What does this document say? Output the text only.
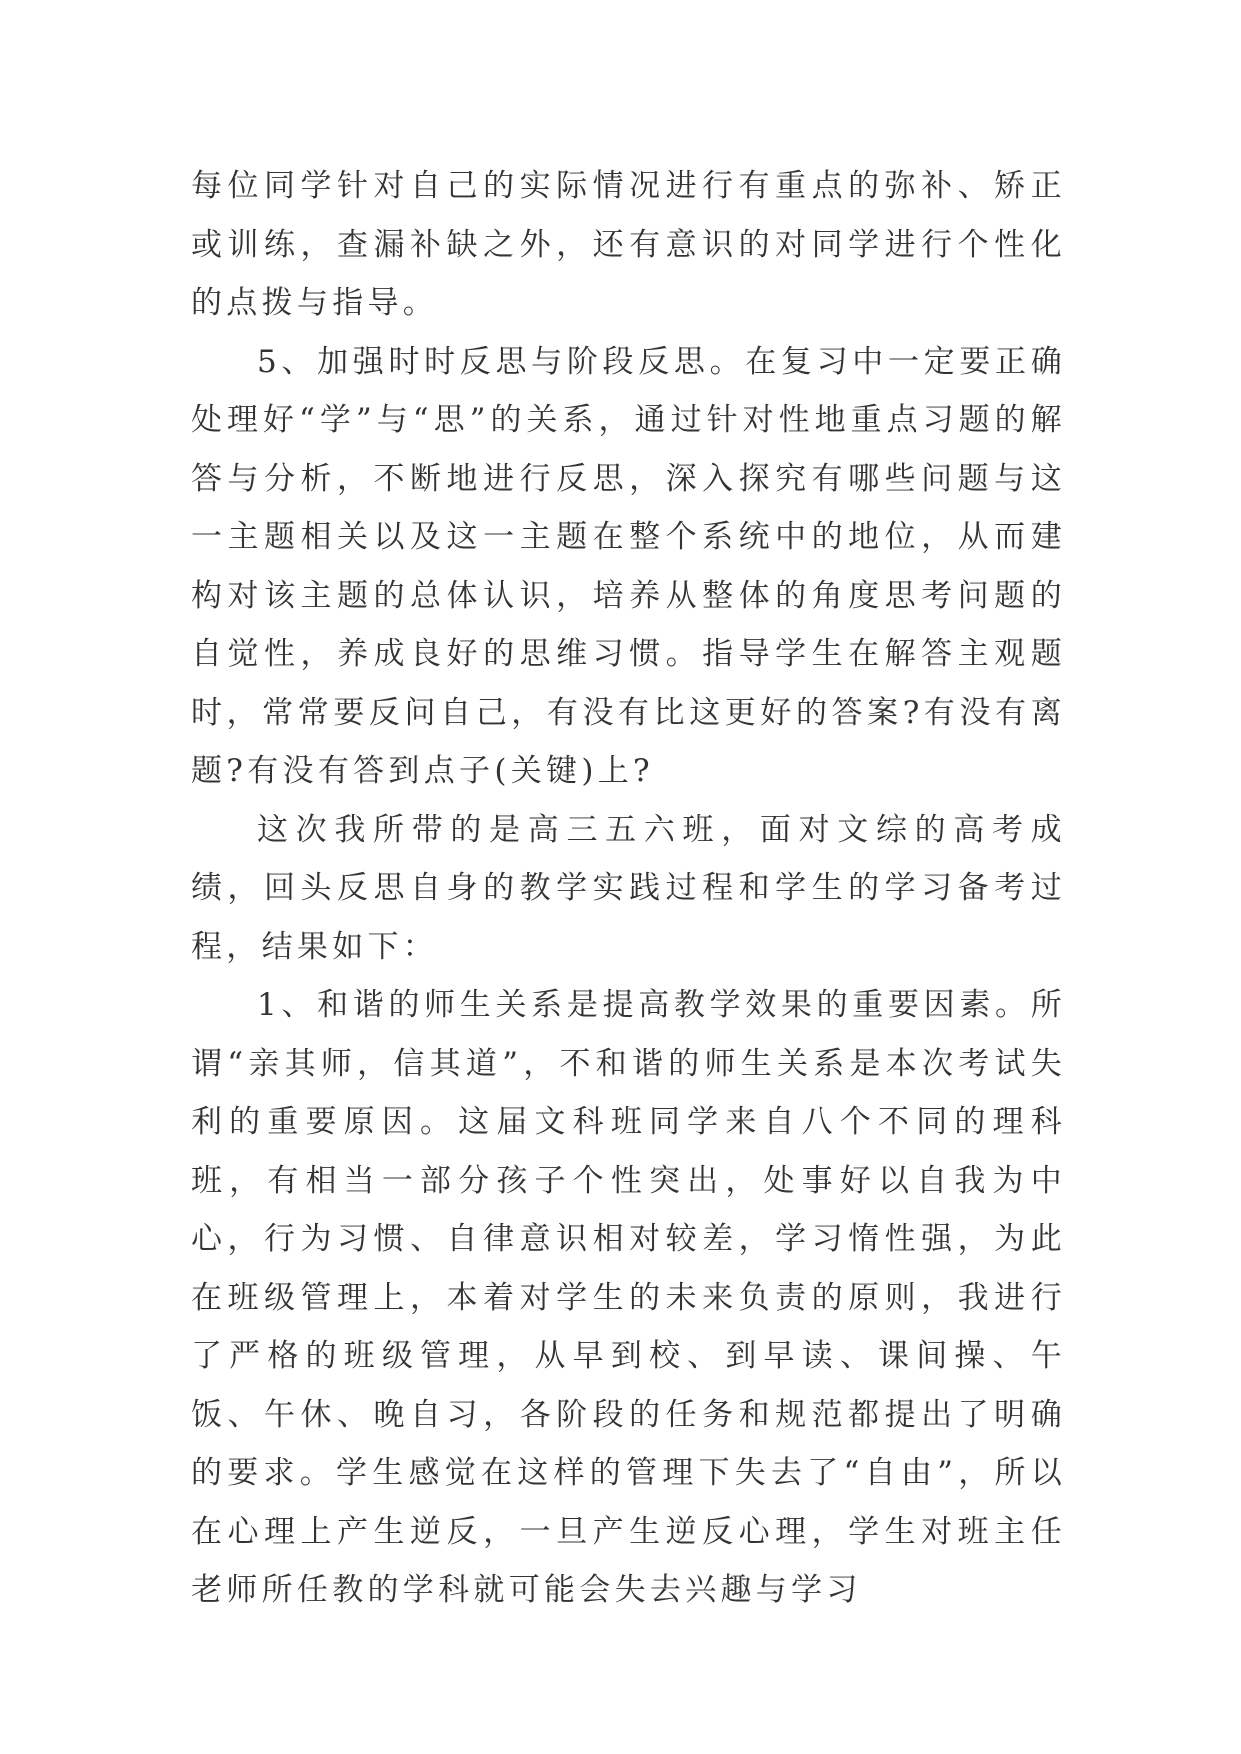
每位同学针对自己的实际情况进行有重点的弥补、矫正或训练，查漏补缺之外，还有意识的对同学进行个性化的点拨与指导。

5、加强时时反思与阶段反思。在复习中一定要正确处理好“学”与“思”的关系，通过针对性地重点习题的解答与分析，不断地进行反思，深入探究有哪些问题与这一主题相关以及这一主题在整个系统中的地位，从而建构对该主题的总体认识，培养从整体的角度思考问题的自觉性，养成良好的思维习惯。指导学生在解答主观题时，常常要反问自己，有没有比这更好的答案?有没有离题?有没有答到点子(关键)上?

这次我所带的是高三五六班，面对文综的高考成绩，回头反思自身的教学实践过程和学生的学习备考过程，结果如下：

1、和谐的师生关系是提高教学效果的重要因素。所谓“亲其师，信其道”，不和谐的师生关系是本次考试失利的重要原因。这届文科班同学来自八个不同的理科班，有相当一部分孩子个性突出，处事好以自我为中心，行为习惯、自律意识相对较差，学习惰性强，为此在班级管理上，本着对学生的未来负责的原则，我进行了严格的班级管理，从早到校、到早读、课间操、午饭、午休、晚自习，各阶段的任务和规范都提出了明确的要求。学生感觉在这样的管理下失去了“自由”，所以在心理上产生逆反，一旦产生逆反心理，学生对班主任老师所任教的学科就可能会失去兴趣与学习
